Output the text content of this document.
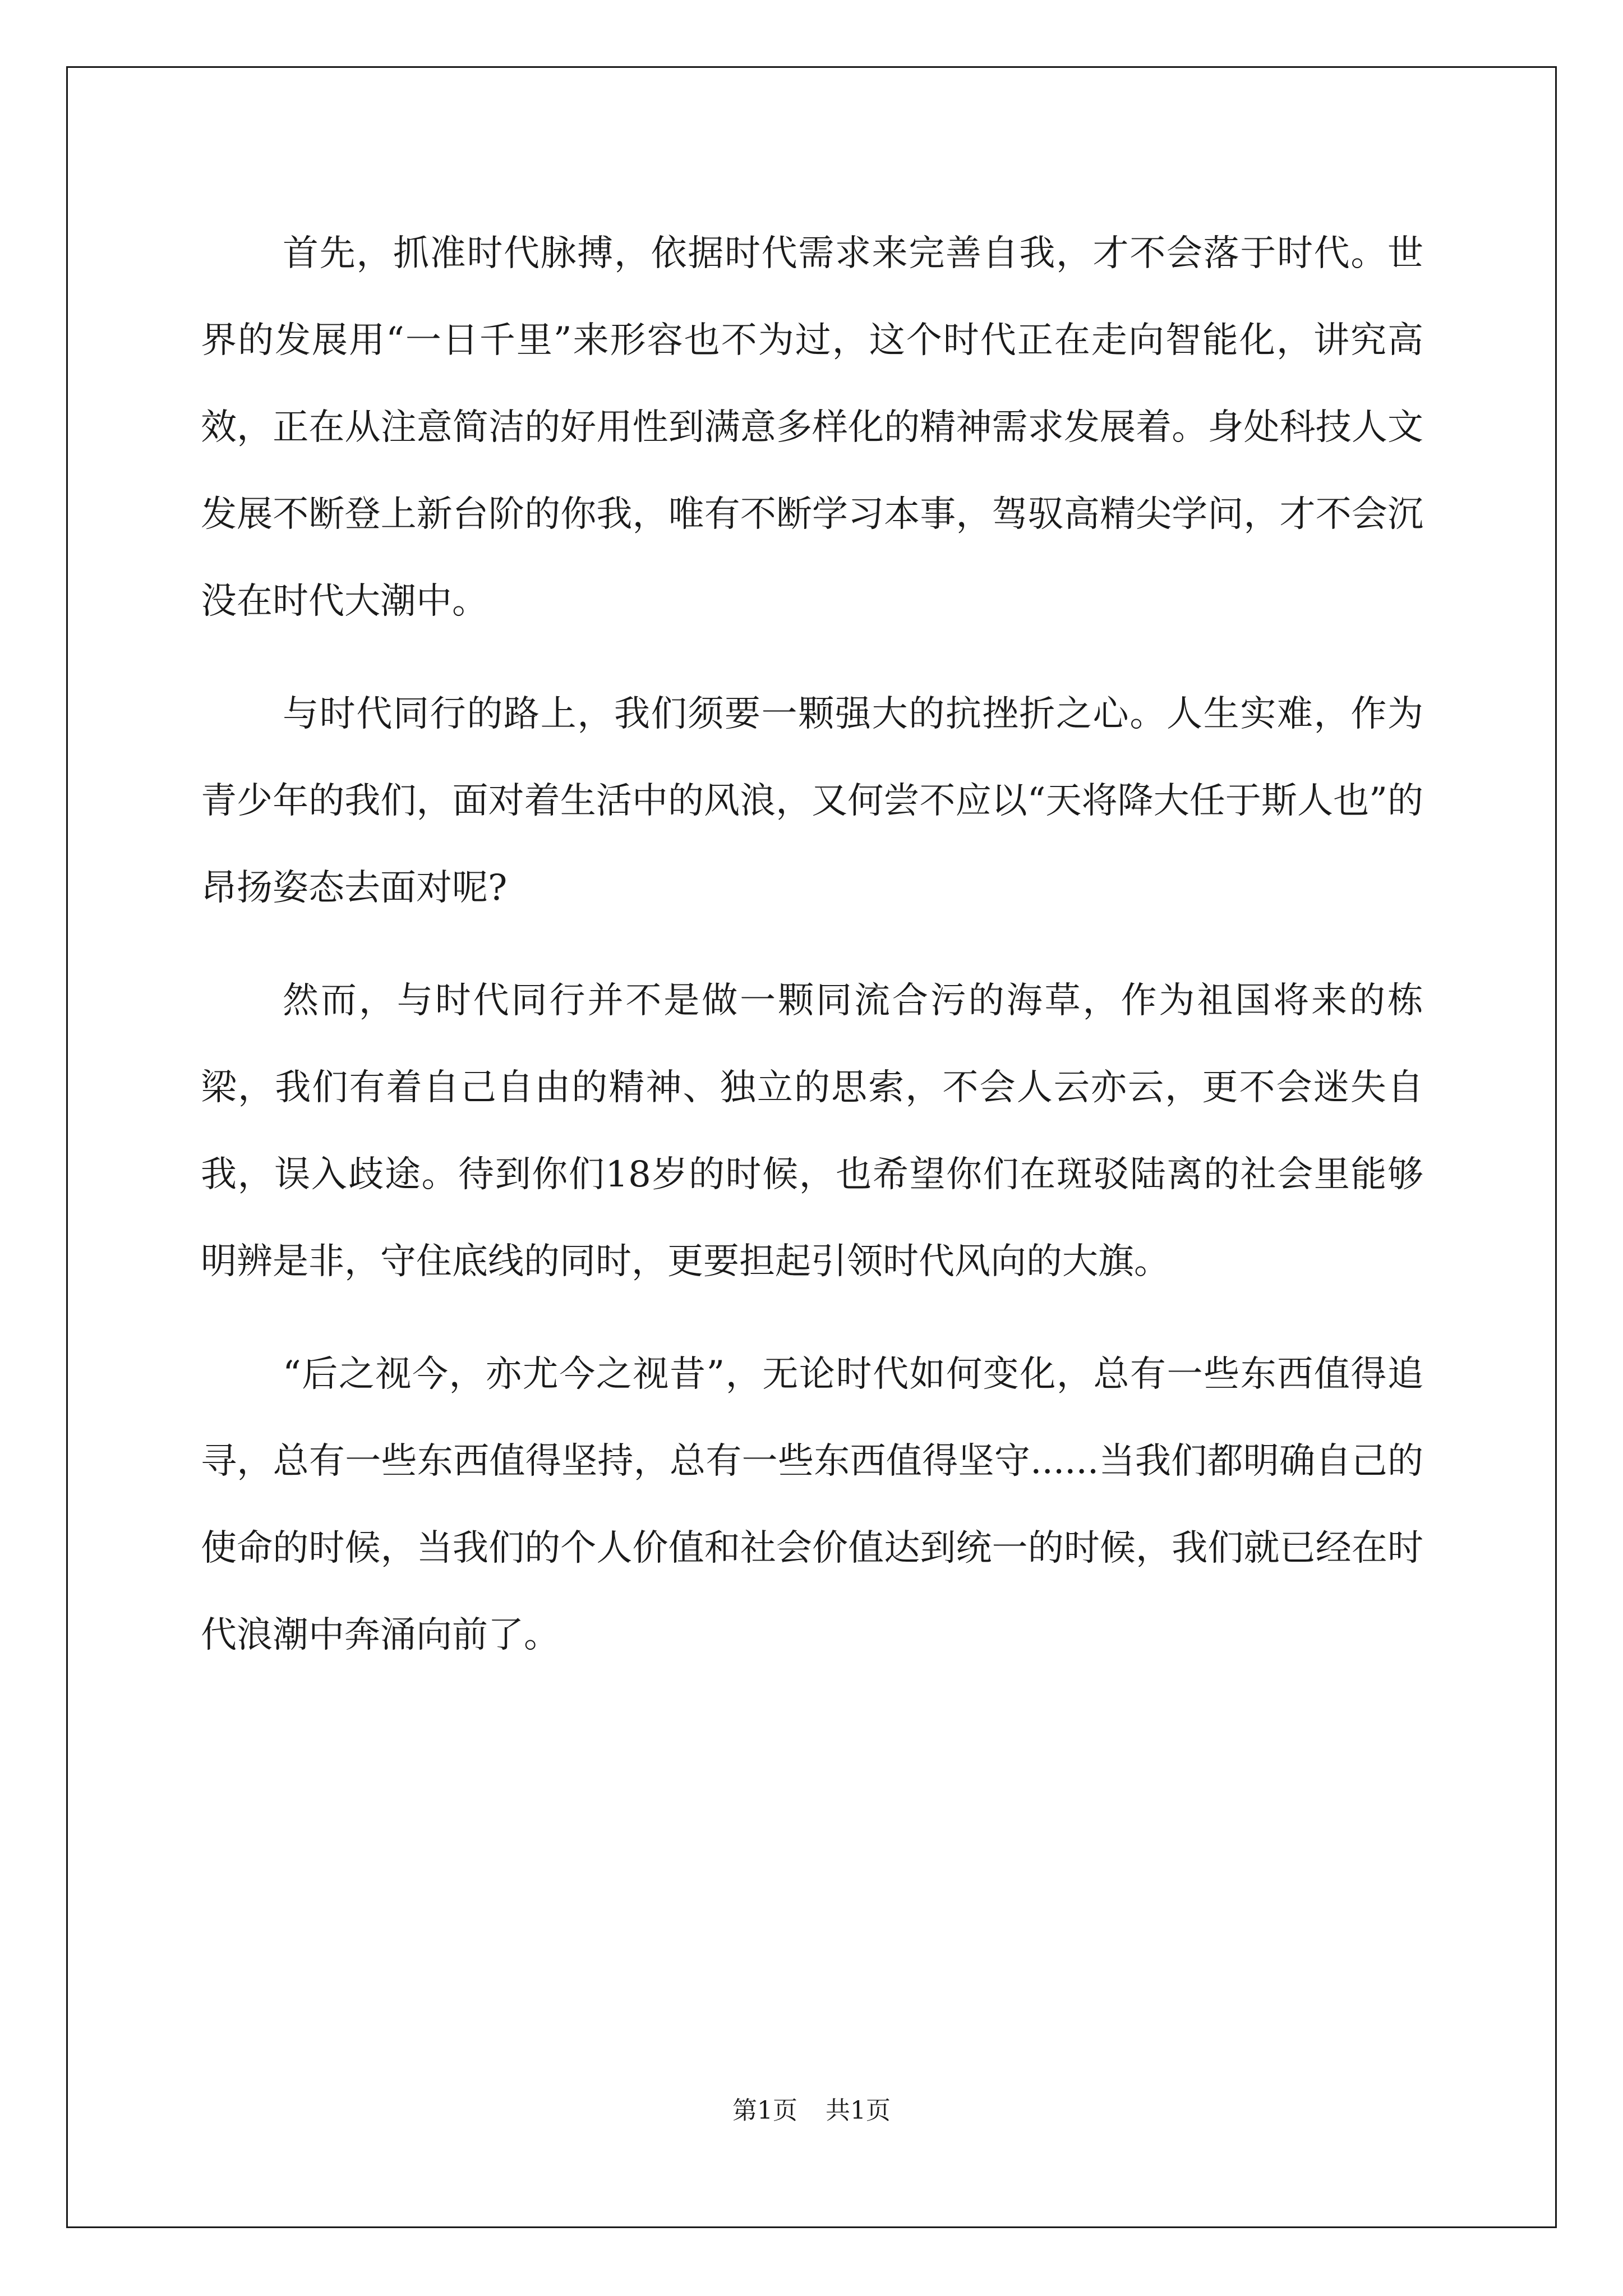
首先，抓准时代脉搏，依据时代需求来完善自我，才不会落于时代。世界的发展用“一日千里”来形容也不为过，这个时代正在走向智能化，讲究高效，正在从注意简洁的好用性到满意多样化的精神需求发展着。身处科技人文发展不断登上新台阶的你我，唯有不断学习本事，驾驭高精尖学问，才不会沉没在时代大潮中。

与时代同行的路上，我们须要一颗强大的抗挫折之心。人生实难，作为青少年的我们，面对着生活中的风浪，又何尝不应以“天将降大任于斯人也”的昂扬姿态去面对呢?

然而，与时代同行并不是做一颗同流合污的海草，作为祖国将来的栋梁，我们有着自己自由的精神、独立的思索，不会人云亦云，更不会迷失自我，误入歧途。待到你们18岁的时候，也希望你们在斑驳陆离的社会里能够明辨是非，守住底线的同时，更要担起引领时代风向的大旗。

“后之视今，亦尤今之视昔”，无论时代如何变化，总有一些东西值得追寻，总有一些东西值得坚持，总有一些东西值得坚守......当我们都明确自己的使命的时候，当我们的个人价值和社会价值达到统一的时候，我们就已经在时代浪潮中奔涌向前了。

第1页 共1页
